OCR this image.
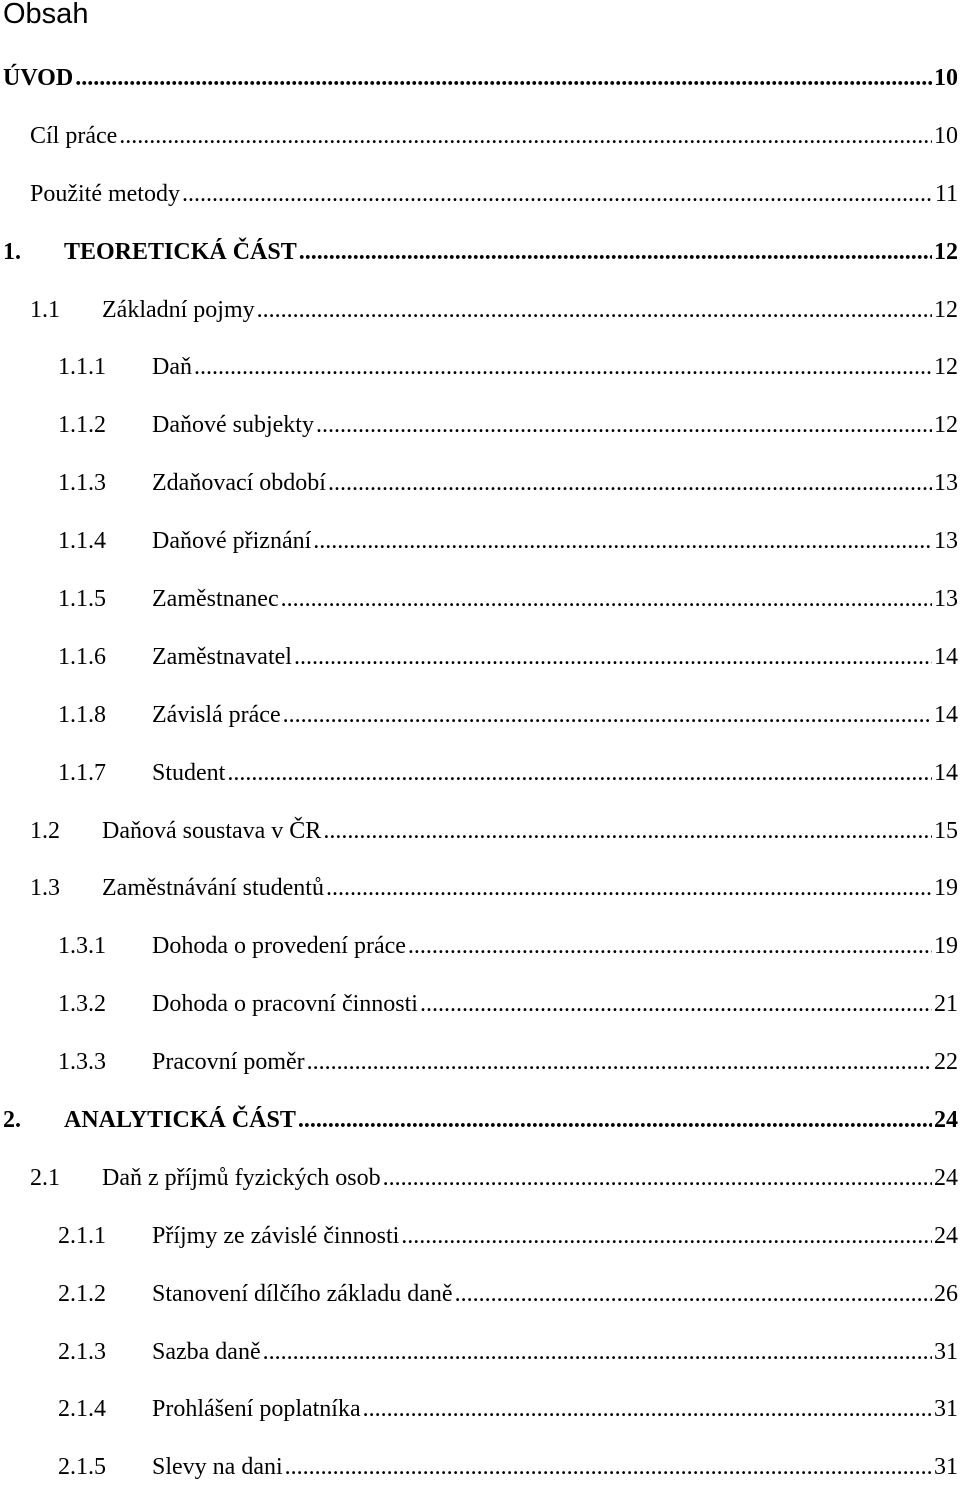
Obsah
ÚVOD .....	10
Cíl práce .....	10
Použité metody .....	11
1.	TEORETICKÁ ČÁST .....	12
1.1	Základní pojmy .....	12
1.1.1	Daň .....	12
1.1.2	Daňové subjekty .....	12
1.1.3	Zdaňovací období .....	13
1.1.4	Daňové přiznání .....	13
1.1.5	Zaměstnanec .....	13
1.1.6	Zaměstnavatel .....	14
1.1.8	Závislá práce .....	14
1.1.7	Student .....	14
1.2	Daňová soustava v ČR .....	15
1.3	Zaměstnávání studentů .....	19
1.3.1	Dohoda o provedení práce .....	19
1.3.2	Dohoda o pracovní činnosti .....	21
1.3.3	Pracovní poměr .....	22
2.	ANALYTICKÁ ČÁST .....	24
2.1	Daň z příjmů fyzických osob .....	24
2.1.1	Příjmy ze závislé činnosti .....	24
2.1.2	Stanovení dílčího základu daně .....	26
2.1.3	Sazba daně .....	31
2.1.4	Prohlášení poplatníka .....	31
2.1.5	Slevy na dani .....	31
